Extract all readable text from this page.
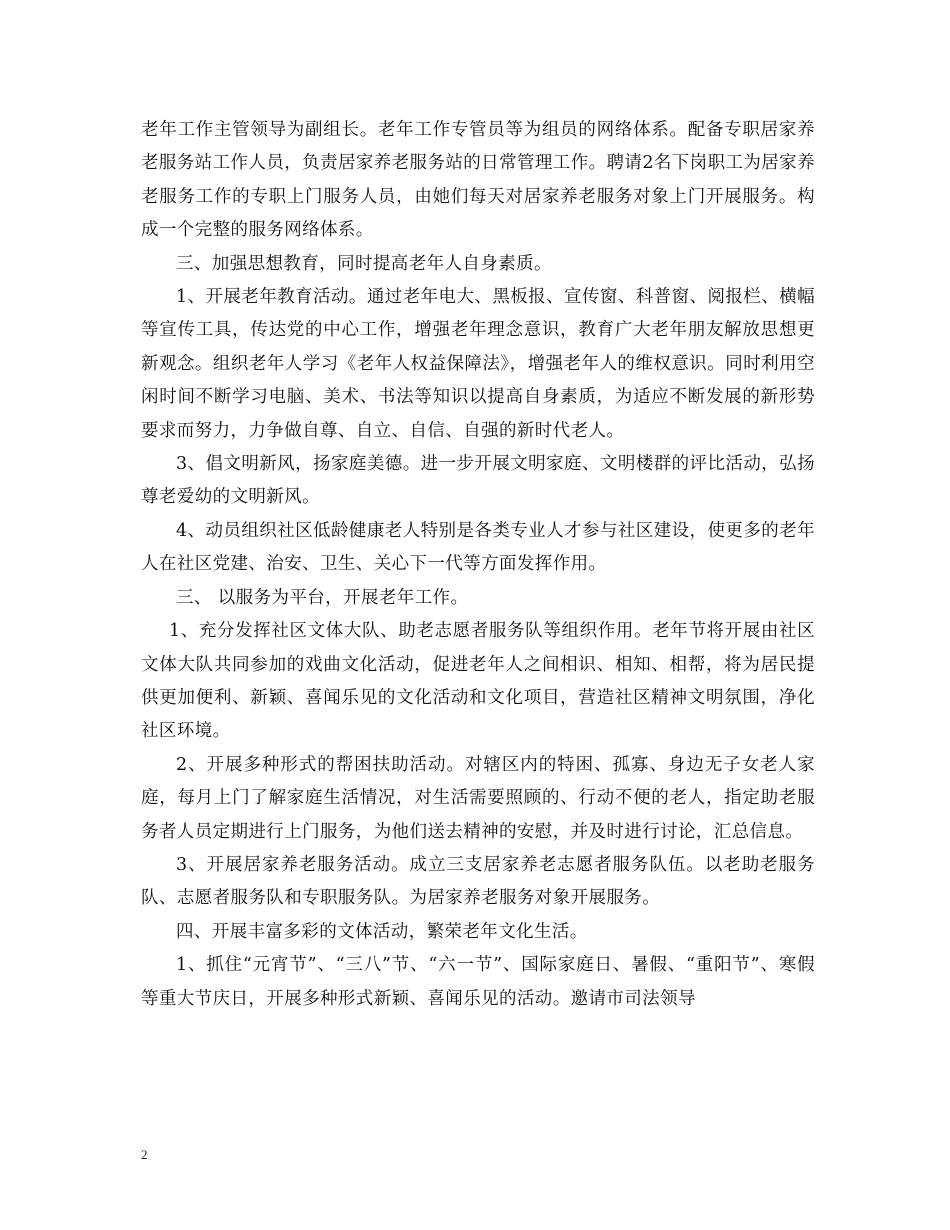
老年工作主管领导为副组长。老年工作专管员等为组员的网络体系。配备专职居家养老服务站工作人员，负责居家养老服务站的日常管理工作。聘请2名下岗职工为居家养老服务工作的专职上门服务人员，由她们每天对居家养老服务对象上门开展服务。构成一个完整的服务网络体系。

三、加强思想教育，同时提高老年人自身素质。

1、开展老年教育活动。通过老年电大、黑板报、宣传窗、科普窗、阅报栏、横幅等宣传工具，传达党的中心工作，增强老年理念意识，教育广大老年朋友解放思想更新观念。组织老年人学习《老年人权益保障法》，增强老年人的维权意识。同时利用空闲时间不断学习电脑、美术、书法等知识以提高自身素质，为适应不断发展的新形势要求而努力，力争做自尊、自立、自信、自强的新时代老人。

3、倡文明新风，扬家庭美德。进一步开展文明家庭、文明楼群的评比活动，弘扬尊老爱幼的文明新风。

4、动员组织社区低龄健康老人特别是各类专业人才参与社区建设，使更多的老年人在社区党建、治安、卫生、关心下一代等方面发挥作用。

三、 以服务为平台，开展老年工作。

1、充分发挥社区文体大队、助老志愿者服务队等组织作用。老年节将开展由社区文体大队共同参加的戏曲文化活动，促进老年人之间相识、相知、相帮，将为居民提供更加便利、新颖、喜闻乐见的文化活动和文化项目，营造社区精神文明氛围，净化社区环境。

2、开展多种形式的帮困扶助活动。对辖区内的特困、孤寡、身边无子女老人家庭，每月上门了解家庭生活情况，对生活需要照顾的、行动不便的老人，指定助老服务者人员定期进行上门服务，为他们送去精神的安慰，并及时进行讨论，汇总信息。

3、开展居家养老服务活动。成立三支居家养老志愿者服务队伍。以老助老服务队、志愿者服务队和专职服务队。为居家养老服务对象开展服务。

四、开展丰富多彩的文体活动，繁荣老年文化生活。

1、抓住“元宵节”、“三八”节、“六一节”、国际家庭日、暑假、“重阳节”、寒假等重大节庆日，开展多种形式新颖、喜闻乐见的活动。邀请市司法领导

2
